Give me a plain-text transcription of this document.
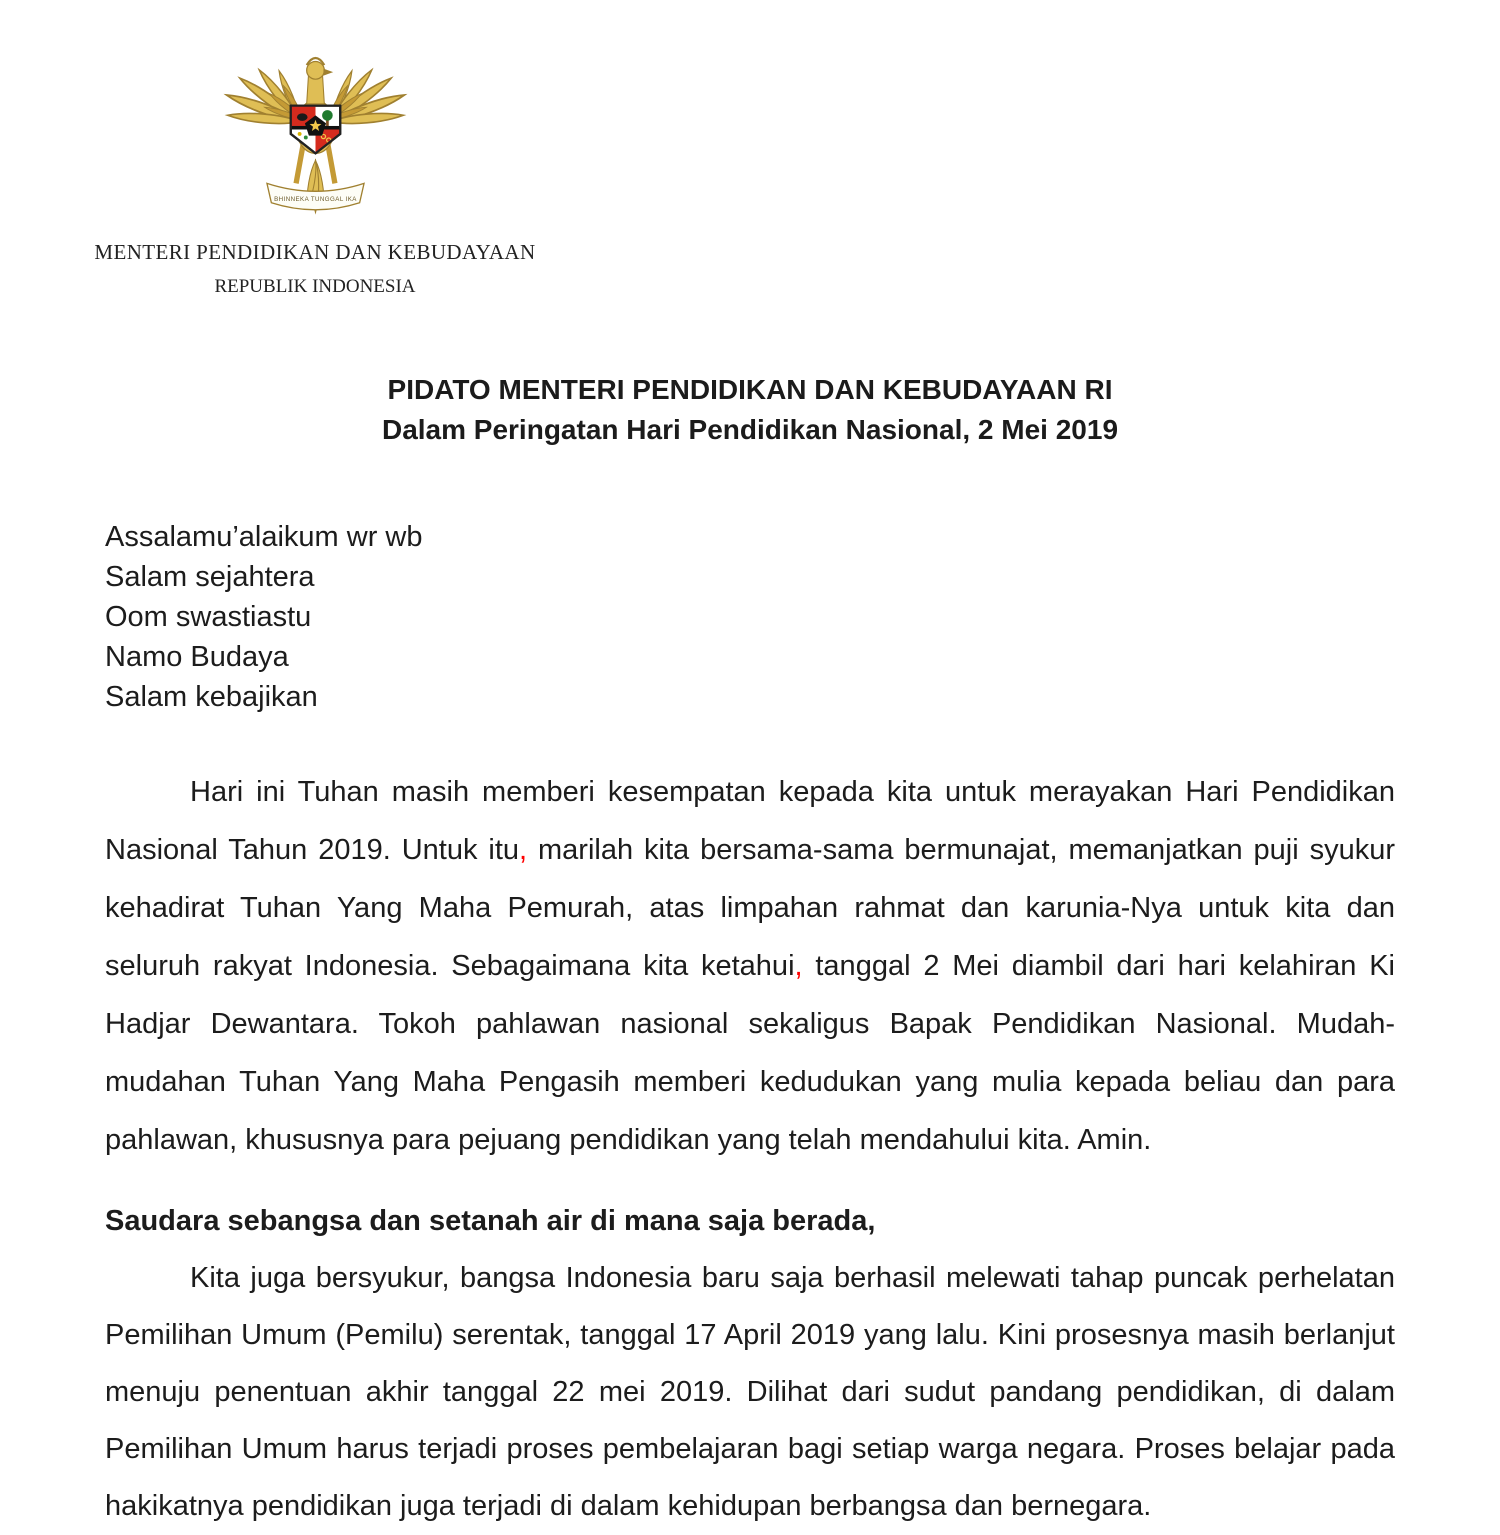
BHINNEKA TUNGGAL IKA
MENTERI PENDIDIKAN DAN KEBUDAYAAN
REPUBLIK INDONESIA
PIDATO MENTERI PENDIDIKAN DAN KEBUDAYAAN RI
Dalam Peringatan Hari Pendidikan Nasional, 2 Mei 2019
Assalamu’alaikum wr wb
Salam sejahtera
Oom swastiastu
Namo Budaya
Salam kebajikan

Hari ini Tuhan masih memberi kesempatan kepada kita untuk merayakan Hari Pendidikan Nasional Tahun 2019. Untuk itu, marilah kita bersama-sama bermunajat, memanjatkan puji syukur kehadirat Tuhan Yang Maha Pemurah, atas limpahan rahmat dan karunia-Nya untuk kita dan seluruh rakyat Indonesia. Sebagaimana kita ketahui, tanggal 2 Mei diambil dari hari kelahiran Ki Hadjar Dewantara. Tokoh pahlawan nasional sekaligus Bapak Pendidikan Nasional. Mudah-mudahan Tuhan Yang Maha Pengasih memberi kedudukan yang mulia kepada beliau dan para pahlawan, khususnya para pejuang pendidikan yang telah mendahului kita. Amin.

Saudara sebangsa dan setanah air di mana saja berada,

Kita juga bersyukur, bangsa Indonesia baru saja berhasil melewati tahap puncak perhelatan Pemilihan Umum (Pemilu) serentak, tanggal 17 April 2019 yang lalu. Kini prosesnya masih berlanjut menuju penentuan akhir tanggal 22 mei 2019. Dilihat dari sudut pandang pendidikan, di dalam Pemilihan Umum harus terjadi proses pembelajaran bagi setiap warga negara. Proses belajar pada hakikatnya pendidikan juga terjadi di dalam kehidupan berbangsa dan bernegara.
